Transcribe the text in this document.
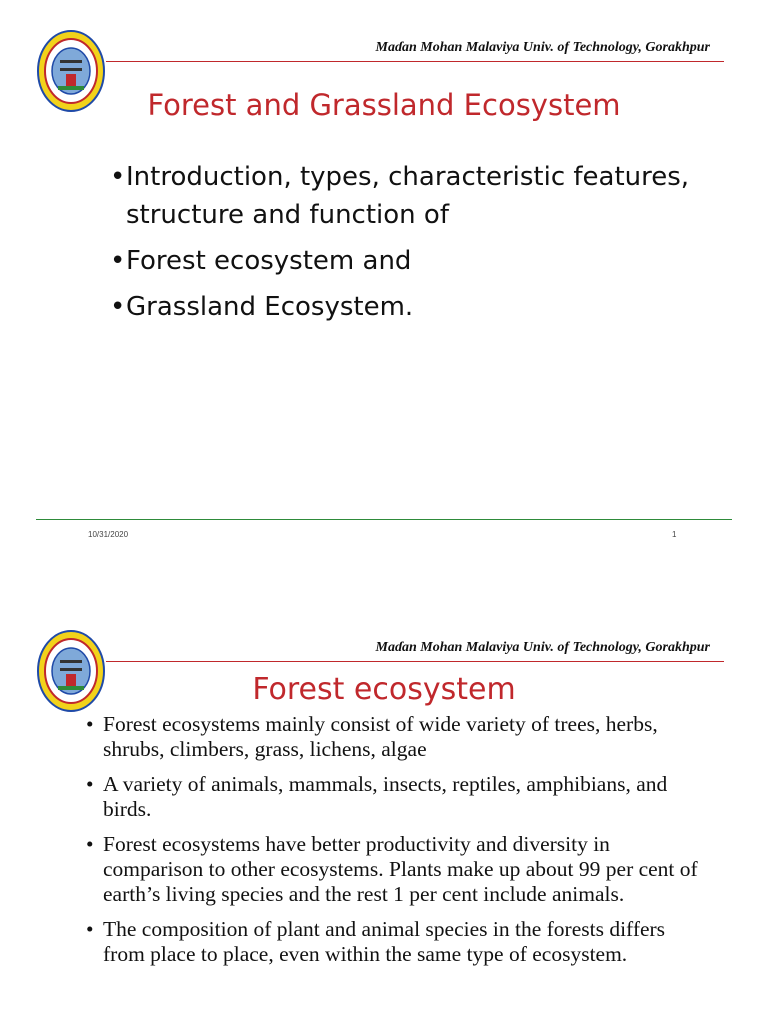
Maɗan Mohan Malaviya Univ. of Technology, Gorakhpur
Forest and Grassland Ecosystem
• Introduction, types, characteristic features, structure and function of
• Forest ecosystem and
• Grassland Ecosystem.
10/31/2020	1
Maɗan Mohan Malaviya Univ. of Technology, Gorakhpur
Forest ecosystem
• Forest ecosystems mainly consist of wide variety of trees, herbs, shrubs, climbers, grass, lichens, algae
• A variety of animals, mammals, insects, reptiles, amphibians, and birds.
• Forest ecosystems have better productivity and diversity in comparison to other ecosystems. Plants make up about 99 per cent of earth’s living species and the rest 1 per cent include animals.
• The composition of plant and animal species in the forests differs from place to place, even within the same type of ecosystem.
